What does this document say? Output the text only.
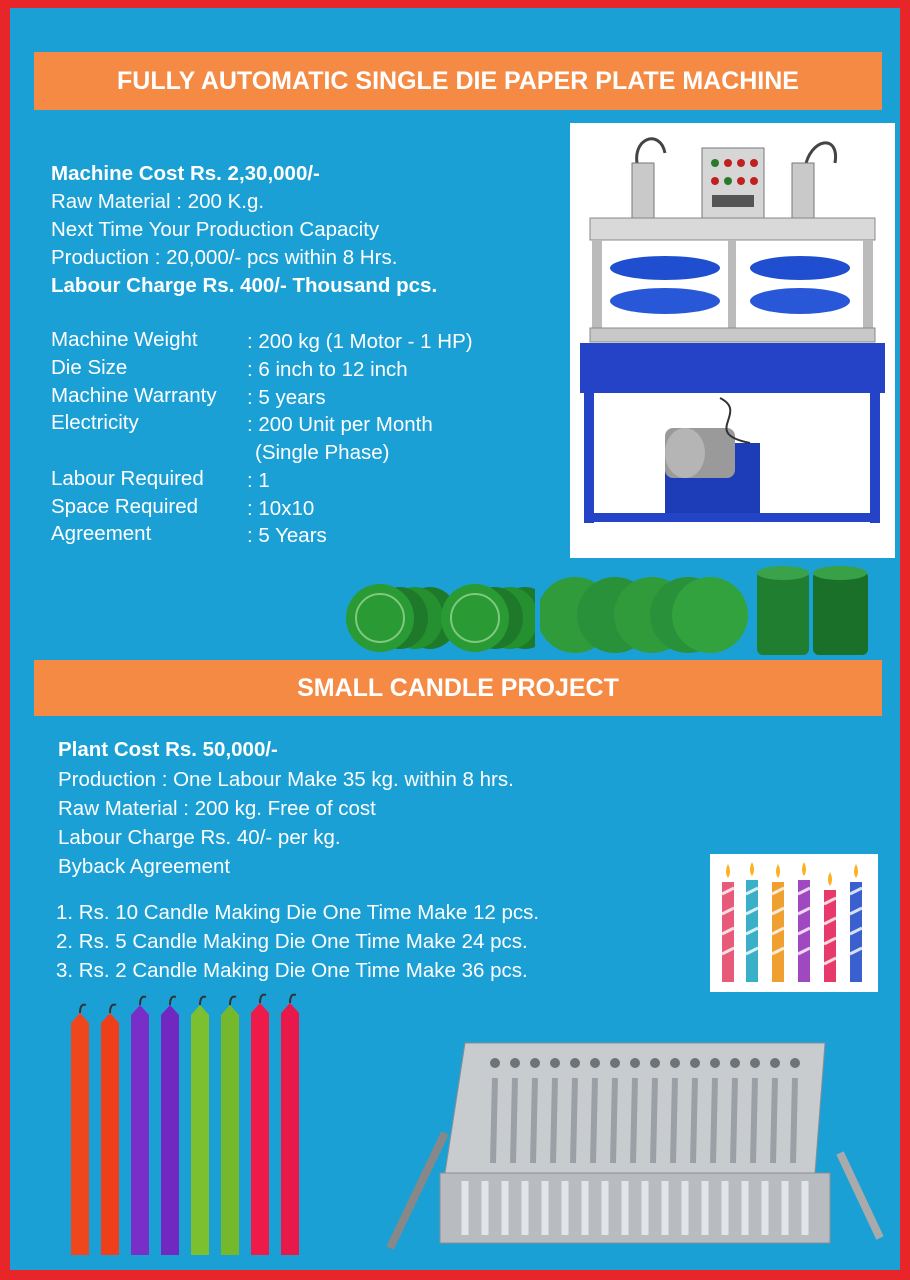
FULLY AUTOMATIC SINGLE DIE PAPER PLATE MACHINE
Machine Cost Rs. 2,30,000/-
Raw Material : 200 K.g.
Next Time Your Production Capacity
Production : 20,000/- pcs within 8 Hrs.
Labour Charge Rs. 400/- Thousand pcs.
Machine Weight : 200 kg (1 Motor - 1 HP)
Die Size	: 6 inch to 12 inch
Machine Warranty : 5 years
Electricity	: 200 Unit per Month
(Single Phase)
Labour Required : 1
Space Required : 10x10
Agreement	: 5 Years
SMALL CANDLE PROJECT
Plant Cost Rs. 50,000/-
Production : One Labour Make 35 kg. within 8 hrs.
Raw Material : 200 kg. Free of cost
Labour Charge Rs. 40/- per kg.
Byback Agreement
1. Rs. 10 Candle Making Die One Time Make 12 pcs.
2. Rs. 5 Candle Making Die One Time Make 24 pcs.
3. Rs. 2 Candle Making Die One Time Make 36 pcs.
